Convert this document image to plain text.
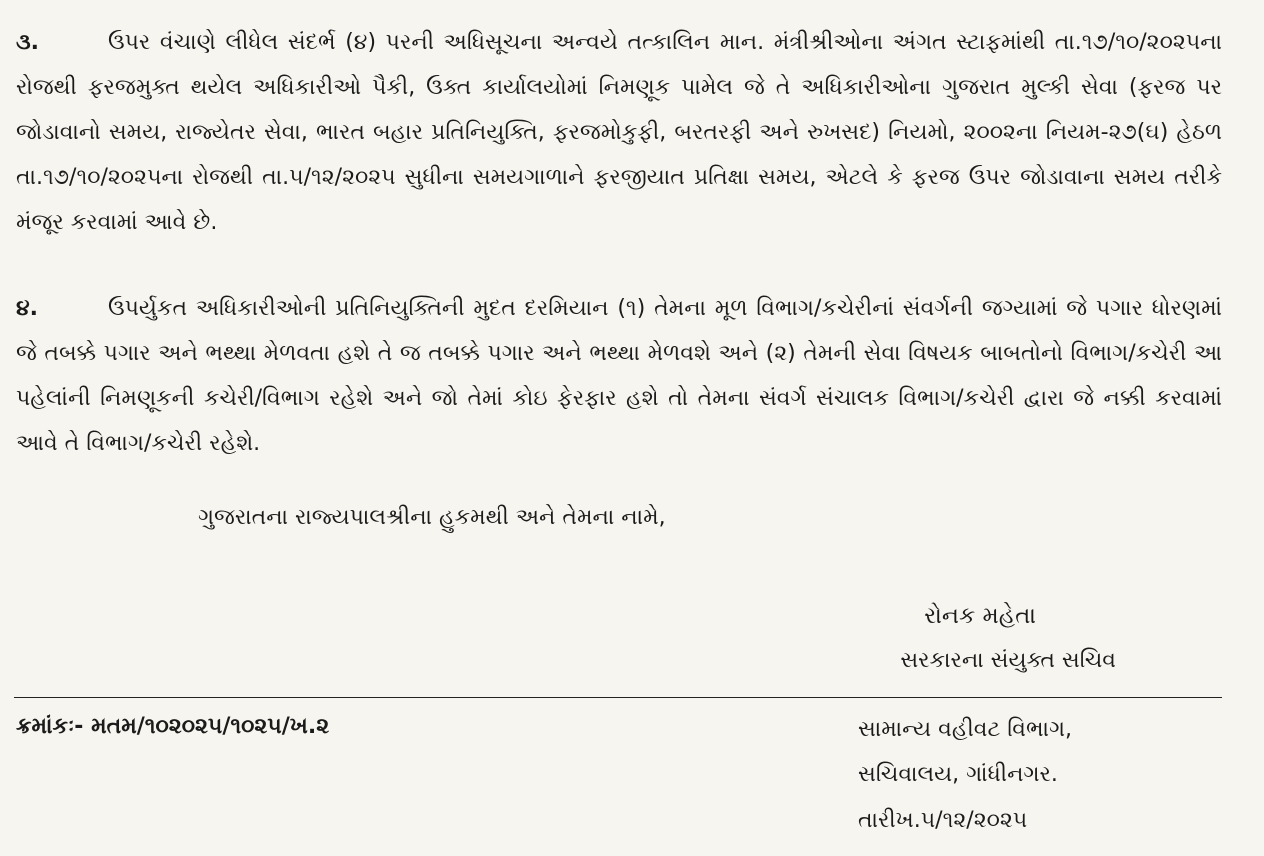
૩.	ઉપર વંચાણે લીધેલ સંદર્ભ (૪) પરની અધિસૂચના અન્વયે તત્કાલિન માન. મંત્રીશ્રીઓના અંગત સ્ટાફમાંથી તા.૧૭/૧૦/૨૦૨૫ના રોજથી ફરજમુક્ત થયેલ અધિકારીઓ પૈકી, ઉક્ત કાર્યાલયોમાં નિમણૂક પામેલ જે તે અધિકારીઓના ગુજરાત મુલ્કી સેવા (ફરજ પર જોડાવાનો સમય, રાજ્યેતર સેવા, ભારત બહાર પ્રતિનિયુક્તિ, ફરજમોકુફી, બરતરફી અને રુખસદ) નિયમો, ૨૦૦૨ના નિયમ-૨૭(ઘ) હેઠળ તા.૧૭/૧૦/૨૦૨૫ના રોજથી તા.૫/૧૨/૨૦૨૫ સુધીના સમયગાળાને ફરજીયાત પ્રતિક્ષા સમય, એટલે કે ફરજ ઉપર જોડાવાના સમય તરીકે મંજૂર કરવામાં આવે છે.
૪.	ઉપર્યુકત અધિકારીઓની પ્રતિનિયુક્તિની મુદત દરમિયાન (૧) તેમના મૂળ વિભાગ/કચેરીનાં સંવર્ગની જગ્યામાં જે પગાર ધોરણમાં જે તબક્કે પગાર અને ભથ્થા મેળવતા હશે તે જ તબક્કે પગાર અને ભથ્થા મેળવશે અને (૨) તેમની સેવા વિષયક બાબતોનો વિભાગ/કચેરી આ પહેલાંની નિમણૂકની કચેરી/વિભાગ રહેશે અને જો તેમાં કોઇ ફેરફાર હશે તો તેમના સંવર્ગ સંચાલક વિભાગ/કચેરી દ્વારા જે નક્કી કરવામાં આવે તે વિભાગ/કચેરી રહેશે.
ગુજરાતના રાજ્યપાલશ્રીના હુકમથી અને તેમના નામે,
રોનક મહેતા
સરકારના સંયુક્ત સચિવ
ક્રમાંકઃ- મતમ/૧૦૨૦૨૫/૧૦૨૫/ખ.૨	સામાન્ય વહીવટ વિભાગ,
સચિવાલય, ગાંધીનગર.
તારીખ.૫/૧૨/૨૦૨૫
